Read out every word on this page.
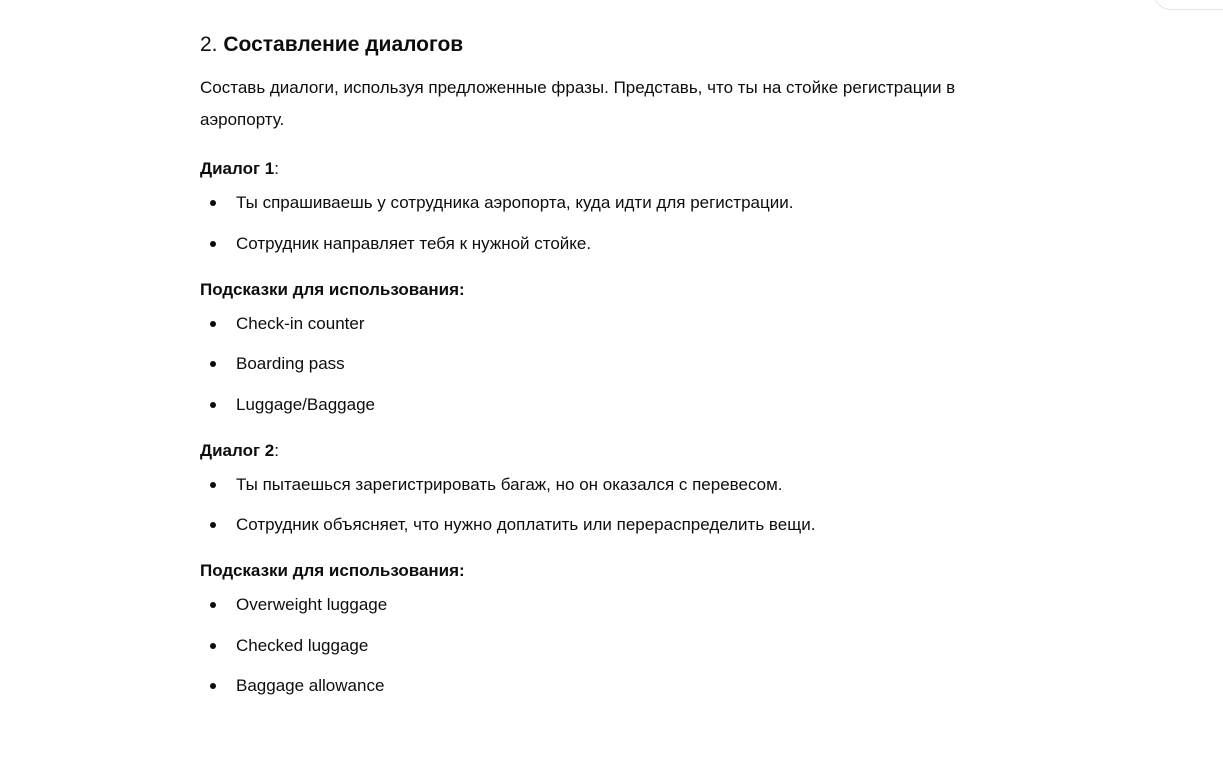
2. Составление диалогов

Составь диалоги, используя предложенные фразы. Представь, что ты на стойке регистрации в аэропорту.

Диалог 1:

Ты спрашиваешь у сотрудника аэропорта, куда идти для регистрации.
Сотрудник направляет тебя к нужной стойке.

Подсказки для использования:

Check-in counter
Boarding pass
Luggage/Baggage

Диалог 2:

Ты пытаешься зарегистрировать багаж, но он оказался с перевесом.
Сотрудник объясняет, что нужно доплатить или перераспределить вещи.

Подсказки для использования:

Overweight luggage
Checked luggage
Baggage allowance
